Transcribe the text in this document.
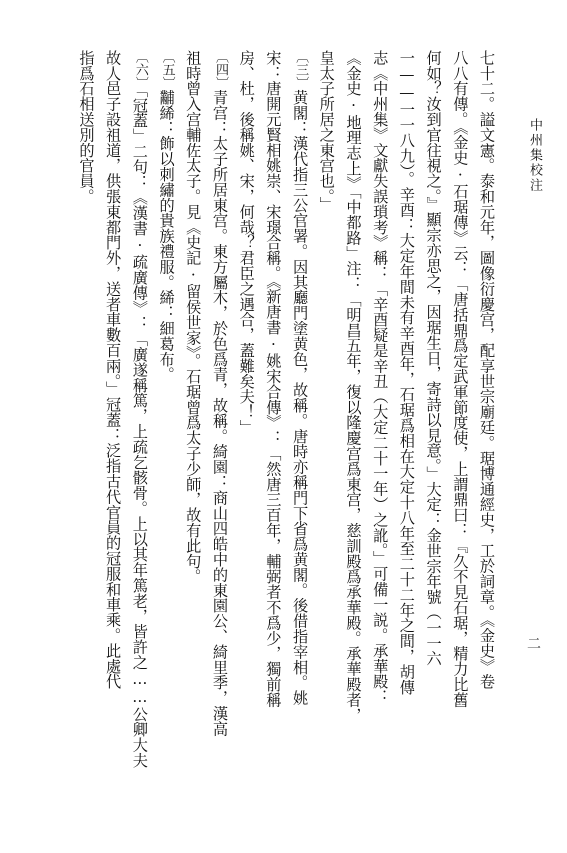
中州集校注
二
七十二。謚文憲。泰和元年，圖像衍慶宫，配享世宗廟廷。琚博通經史，工於詞章。《金史》卷
八八有傳。《金史·石琚傳》云：「唐括鼎爲定武軍節度使，上謂鼎曰：『久不見石琚，精力比舊
何如？汝到官往視之。』顯宗亦思之，因琚生日，寄詩以見意。」大定：金世宗年號（一一六
一——一一八九）。辛酉：大定年間未有辛酉年，石琚爲相在大定十八年至二十二年之間，胡傳
志《中州集》文獻失誤瑣考》稱：「辛酉疑是辛丑（大定二十一年）之訛。」可備一説。承華殿：
《金史·地理志上》「中都路」注：「明昌五年，復以隆慶宫爲東宫，慈訓殿爲承華殿。承華殿者，
皇太子所居之東宫也。」
〔三〕黄閣：漢代指三公官署。因其廳門塗黄色，故稱。唐時亦稱門下省爲黄閣。後借指宰相。姚
宋：唐開元賢相姚崇、宋璟合稱。《新唐書·姚宋合傳》：「然唐三百年，輔弼者不爲少，獨前稱
房、杜，後稱姚、宋，何哉？君臣之遇合，蓋難矣夫！」
〔四〕青宫：太子所居東宫。東方屬木，於色爲青，故稱。綺園：商山四皓中的東園公、綺里季，漢高
祖時曾入宫輔佐太子。見《史記·留侯世家》。石琚曾爲太子少師，故有此句。
〔五〕黼絺：飾以刺繡的貴族禮服。絺：細葛布。
〔六〕「冠蓋」二句：《漢書·疏廣傳》：「廣遂稱篤，上疏乞骸骨。上以其年篤老，皆許之……公卿大夫
故人邑子設祖道，供張東都門外，送者車數百兩。」冠蓋：泛指古代官員的冠服和車乘。此處代
指爲石相送別的官員。
